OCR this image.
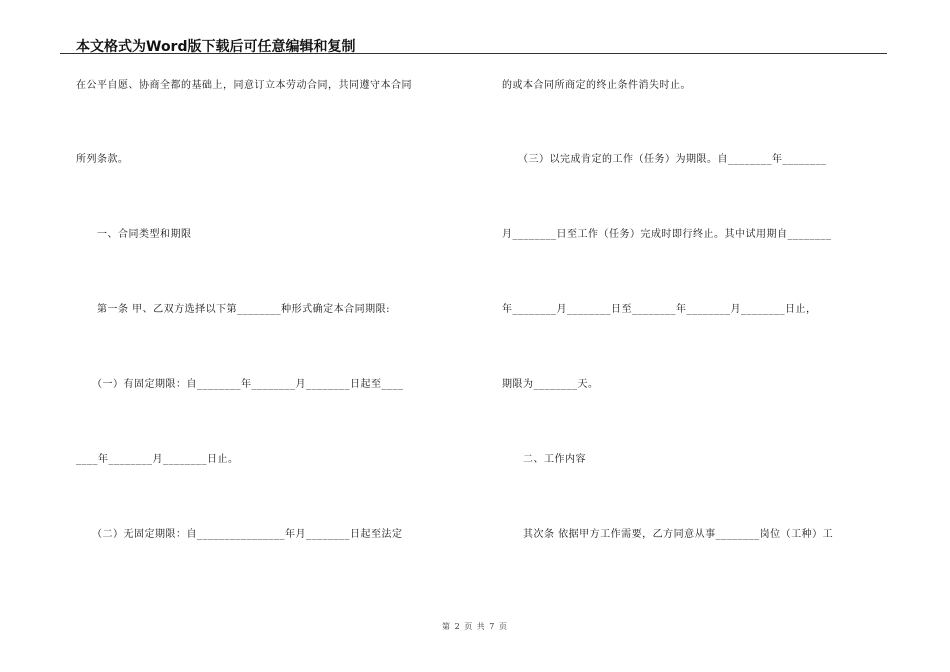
本文格式为Word版下载后可任意编辑和复制
在公平自愿、协商全都的基础上，同意订立本劳动合同，共同遵守本合同
所列条款。
　　一、合同类型和期限
　　第一条 甲、乙双方选择以下第________种形式确定本合同期限:
　　（一）有固定期限：自________年________月________日起至____
____年________月________日止。
　　（二）无固定期限：自________________年月________日起至法定
的或本合同所商定的终止条件消失时止。
　　（三）以完成肯定的工作（任务）为期限。自________年________
月________日至工作（任务）完成时即行终止。其中试用期自________
年________月________日至________年________月________日止，
期限为________天。
　　二、工作内容
　　其次条 依据甲方工作需要，乙方同意从事________岗位（工种）工
第 2 页 共 7 页
